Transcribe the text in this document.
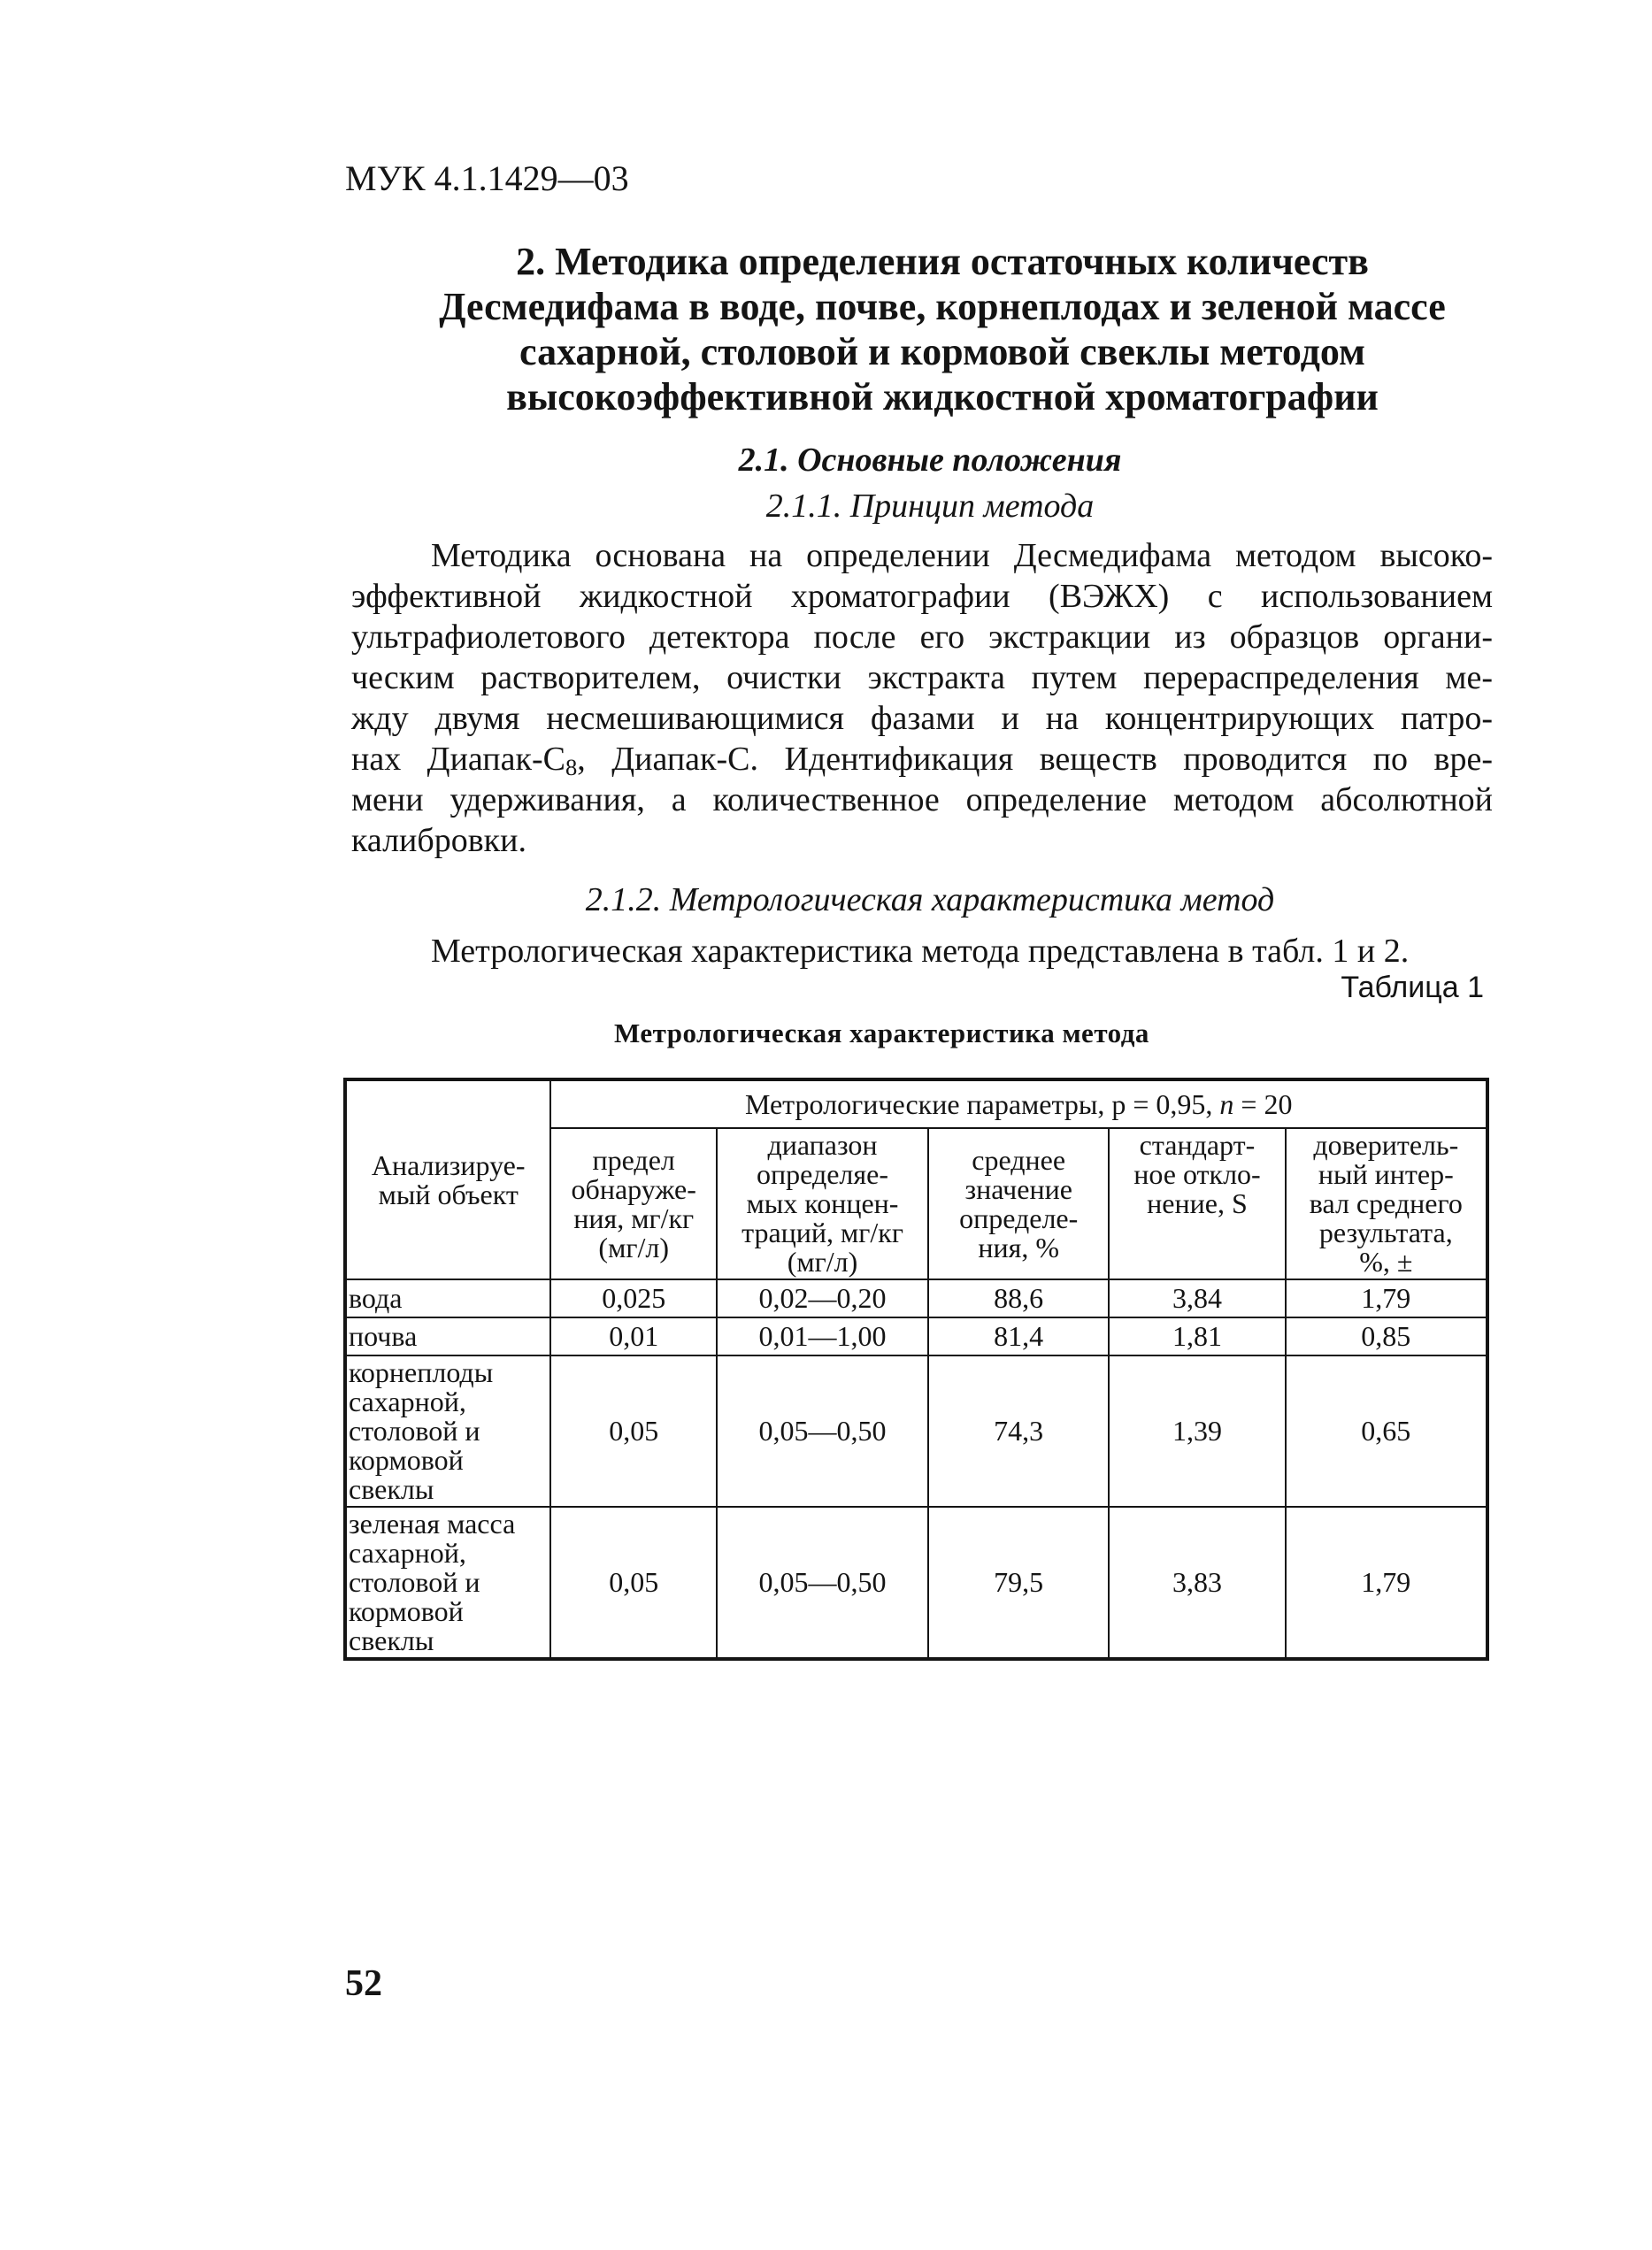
МУК 4.1.1429—03
2. Методика определения остаточных количеств
Десмедифама в воде, почве, корнеплодах и зеленой массе
сахарной, столовой и кормовой свеклы методом
высокоэффективной жидкостной хроматографии
2.1. Основные положения
2.1.1. Принцип метода
Методика основана на определении Десмедифама методом высоко-
эффективной жидкостной хроматографии (ВЭЖХ) с использованием
ультрафиолетового детектора после его экстракции из образцов органи-
ческим растворителем, очистки экстракта путем перераспределения ме-
жду двумя несмешивающимися фазами и на концентрирующих патро-
нах Диапак-$C_8$, Диапак-С. Идентификация веществ проводится по вре-
мени удерживания, а количественное определение методом абсолютной
калибровки.
2.1.2. Метрологическая характеристика метод
Метрологическая характеристика метода представлена в табл. 1 и 2.
Таблица 1
Метрологическая характеристика метода
Анализируе-
мый объект	Метрологические параметры, р = 0,95, n = 20				

	предел
обнаруже-
ния, мг/кг
(мг/л)	диапазон
определяе-
мых концен-
траций, мг/кг
(мг/л)	среднее
значение
определе-
ния, %	стандарт-
ное откло-
нение, S	доверитель-
ный интер-
вал среднего
результата,
%, ±

вода	0,025	0,02—0,20	88,6	3,84	1,79
почва	0,01	0,01—1,00	81,4	1,81	0,85

корнеплоды
сахарной,
столовой и
кормовой
свеклы	0,05	0,05—0,50	74,3	1,39	0,65

зеленая масса
сахарной,
столовой и
кормовой
свеклы	0,05	0,05—0,50	79,5	3,83	1,79
52
